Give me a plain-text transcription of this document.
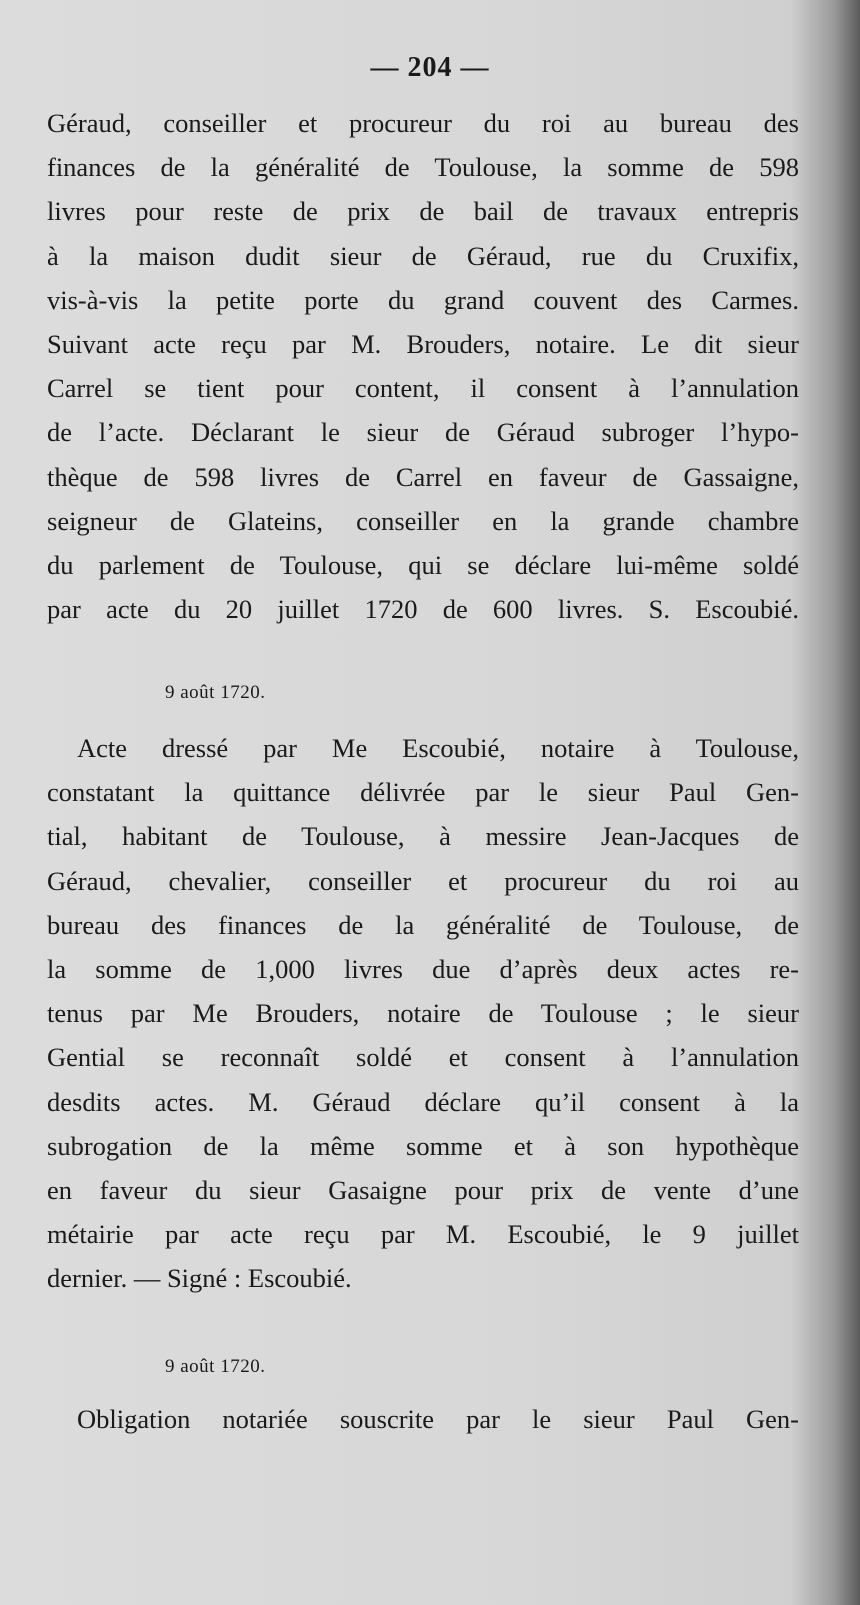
— 204 —

Géraud, conseiller et procureur du roi au bureau des

finances de la généralité de Toulouse, la somme de 598

livres pour reste de prix de bail de travaux entrepris

à la maison dudit sieur de Géraud, rue du Cruxifix,

vis-à-vis la petite porte du grand couvent des Carmes.

Suivant acte reçu par M. Brouders, notaire. Le dit sieur

Carrel se tient pour content, il consent à l’annulation

de l’acte. Déclarant le sieur de Géraud subroger l’hypo-

thèque de 598 livres de Carrel en faveur de Gassaigne,

seigneur de Glateins, conseiller en la grande chambre

du parlement de Toulouse, qui se déclare lui-même soldé

par acte du 20 juillet 1720 de 600 livres. S. Escoubié.

9 août 1720.

Acte dressé par Me Escoubié, notaire à Toulouse,

constatant la quittance délivrée par le sieur Paul Gen-

tial, habitant de Toulouse, à messire Jean-Jacques de

Géraud, chevalier, conseiller et procureur du roi au

bureau des finances de la généralité de Toulouse, de

la somme de 1,000 livres due d’après deux actes re-

tenus par Me Brouders, notaire de Toulouse ; le sieur

Gential se reconnaît soldé et consent à l’annulation

desdits actes. M. Géraud déclare qu’il consent à la

subrogation de la même somme et à son hypothèque

en faveur du sieur Gasaigne pour prix de vente d’une

métairie par acte reçu par M. Escoubié, le 9 juillet

dernier. — Signé : Escoubié.

9 août 1720.

Obligation notariée souscrite par le sieur Paul Gen-
